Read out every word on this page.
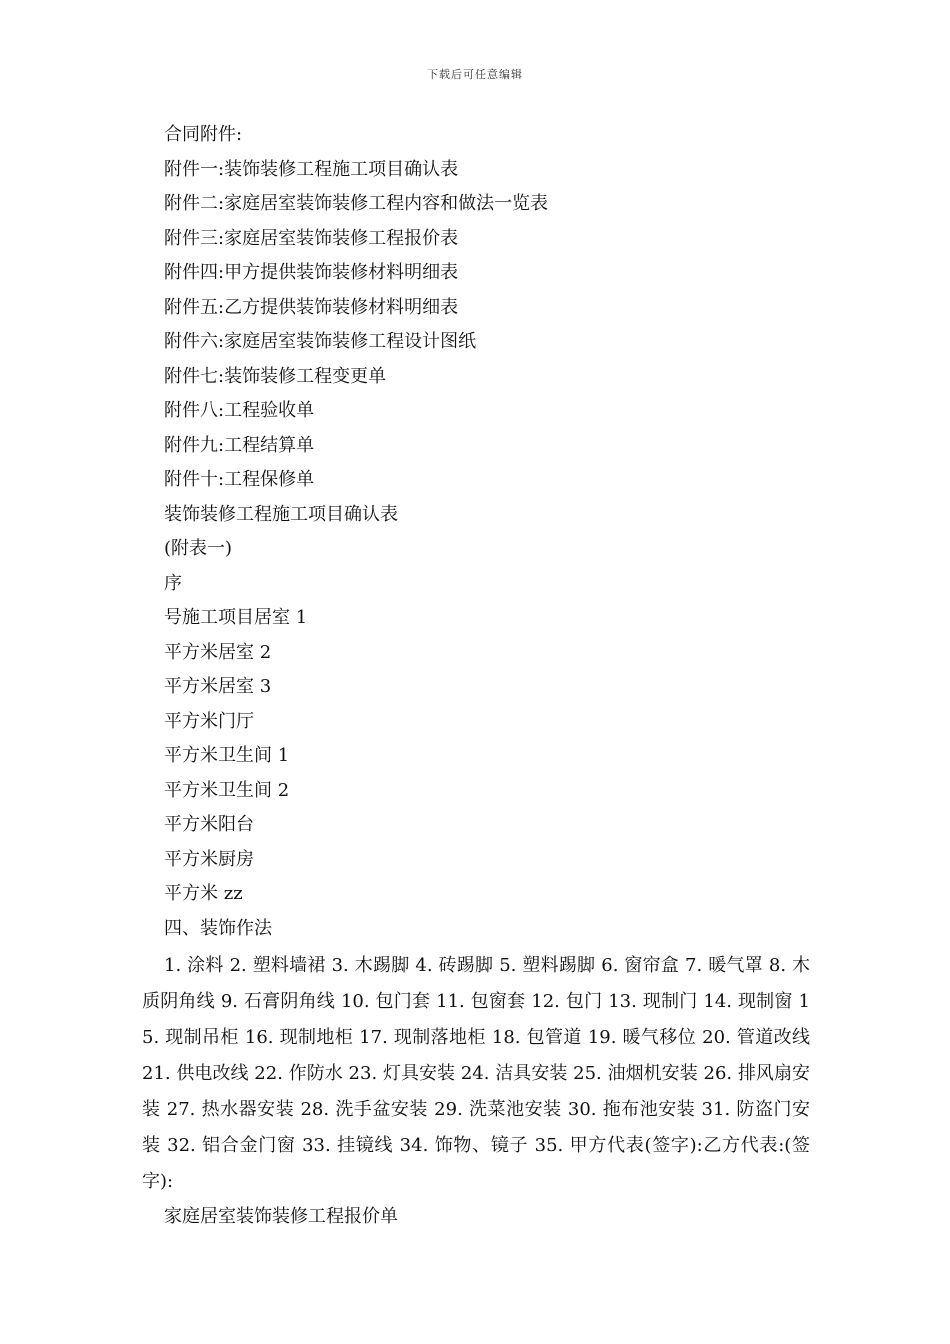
下载后可任意编辑
合同附件:
附件一:装饰装修工程施工项目确认表
附件二:家庭居室装饰装修工程内容和做法一览表
附件三:家庭居室装饰装修工程报价表
附件四:甲方提供装饰装修材料明细表
附件五:乙方提供装饰装修材料明细表
附件六:家庭居室装饰装修工程设计图纸
附件七:装饰装修工程变更单
附件八:工程验收单
附件九:工程结算单
附件十:工程保修单
装饰装修工程施工项目确认表
(附表一)
序
号施工项目居室 1
平方米居室 2
平方米居室 3
平方米门厅
平方米卫生间 1
平方米卫生间 2
平方米阳台
平方米厨房
平方米 zz
四、装饰作法

1. 涂料 2. 塑料墙裙 3. 木踢脚 4. 砖踢脚 5. 塑料踢脚 6. 窗帘盒 7. 暖气罩 8. 木质阴角线 9. 石膏阴角线 10. 包门套 11. 包窗套 12. 包门 13. 现制门 14. 现制窗 15. 现制吊柜 16. 现制地柜 17. 现制落地柜 18. 包管道 19. 暖气移位 20. 管道改线 21. 供电改线 22. 作防水 23. 灯具安装 24. 洁具安装 25. 油烟机安装 26. 排风扇安装 27. 热水器安装 28. 洗手盆安装 29. 洗菜池安装 30. 拖布池安装 31. 防盗门安装 32. 铝合金门窗 33. 挂镜线 34. 饰物、镜子 35. 甲方代表(签字):乙方代表:(签字):

家庭居室装饰装修工程报价单
